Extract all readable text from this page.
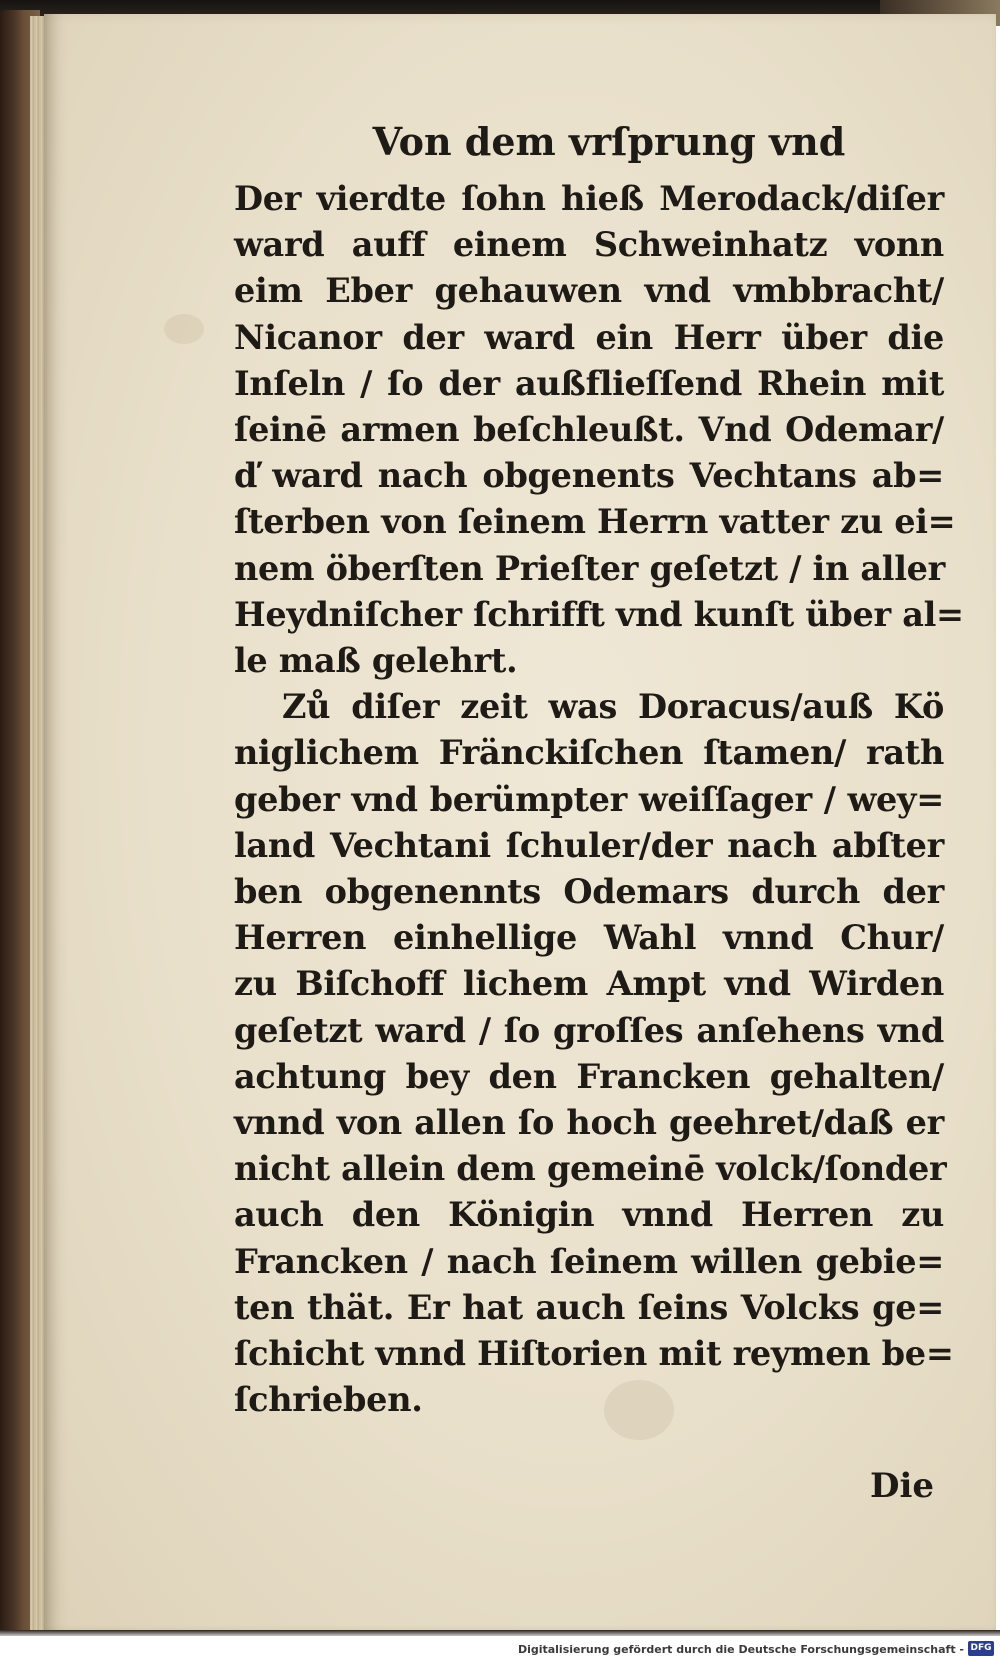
Von dem vrſprung vnd
Der vierdte ſohn hieß Merodack/diſer
ward auff einem Schweinhatz vonn
eim Eber gehauwen vnd vmbbracht/
Nicanor der ward ein Herr über die
Inſeln / ſo der außflieſſend Rhein mit
ſeinē armen beſchleußt. Vnd Odemar/
ď ward nach obgenents Vechtans ab=
ſterben von ſeinem Herrn vatter zu ei=
nem öberſten Prieſter geſetzt / in aller
Heydniſcher ſchrifft vnd kunſt über al=
le maß gelehrt.
Zů diſer zeit was Doracus/auß Kö
niglichem Fränckiſchen ſtamen/ rath
geber vnd berümpter weiſſager / wey=
land Vechtani ſchuler/der nach abſter
ben obgenennts Odemars durch der
Herren einhellige Wahl vnnd Chur/
zu Biſchoff lichem Ampt vnd Wirden
geſetzt ward / ſo groſſes anſehens vnd
achtung bey den Francken gehalten/
vnnd von allen ſo hoch geehret/daß er
nicht allein dem gemeinē volck/ſonder
auch den Königin vnnd Herren zu
Francken / nach ſeinem willen gebie=
ten thät. Er hat auch ſeins Volcks ge=
ſchicht vnnd Hiſtorien mit reymen be=
ſchrieben.
Die
Digitalisierung gefördert durch die Deutsche Forschungsgemeinschaft - DFG
